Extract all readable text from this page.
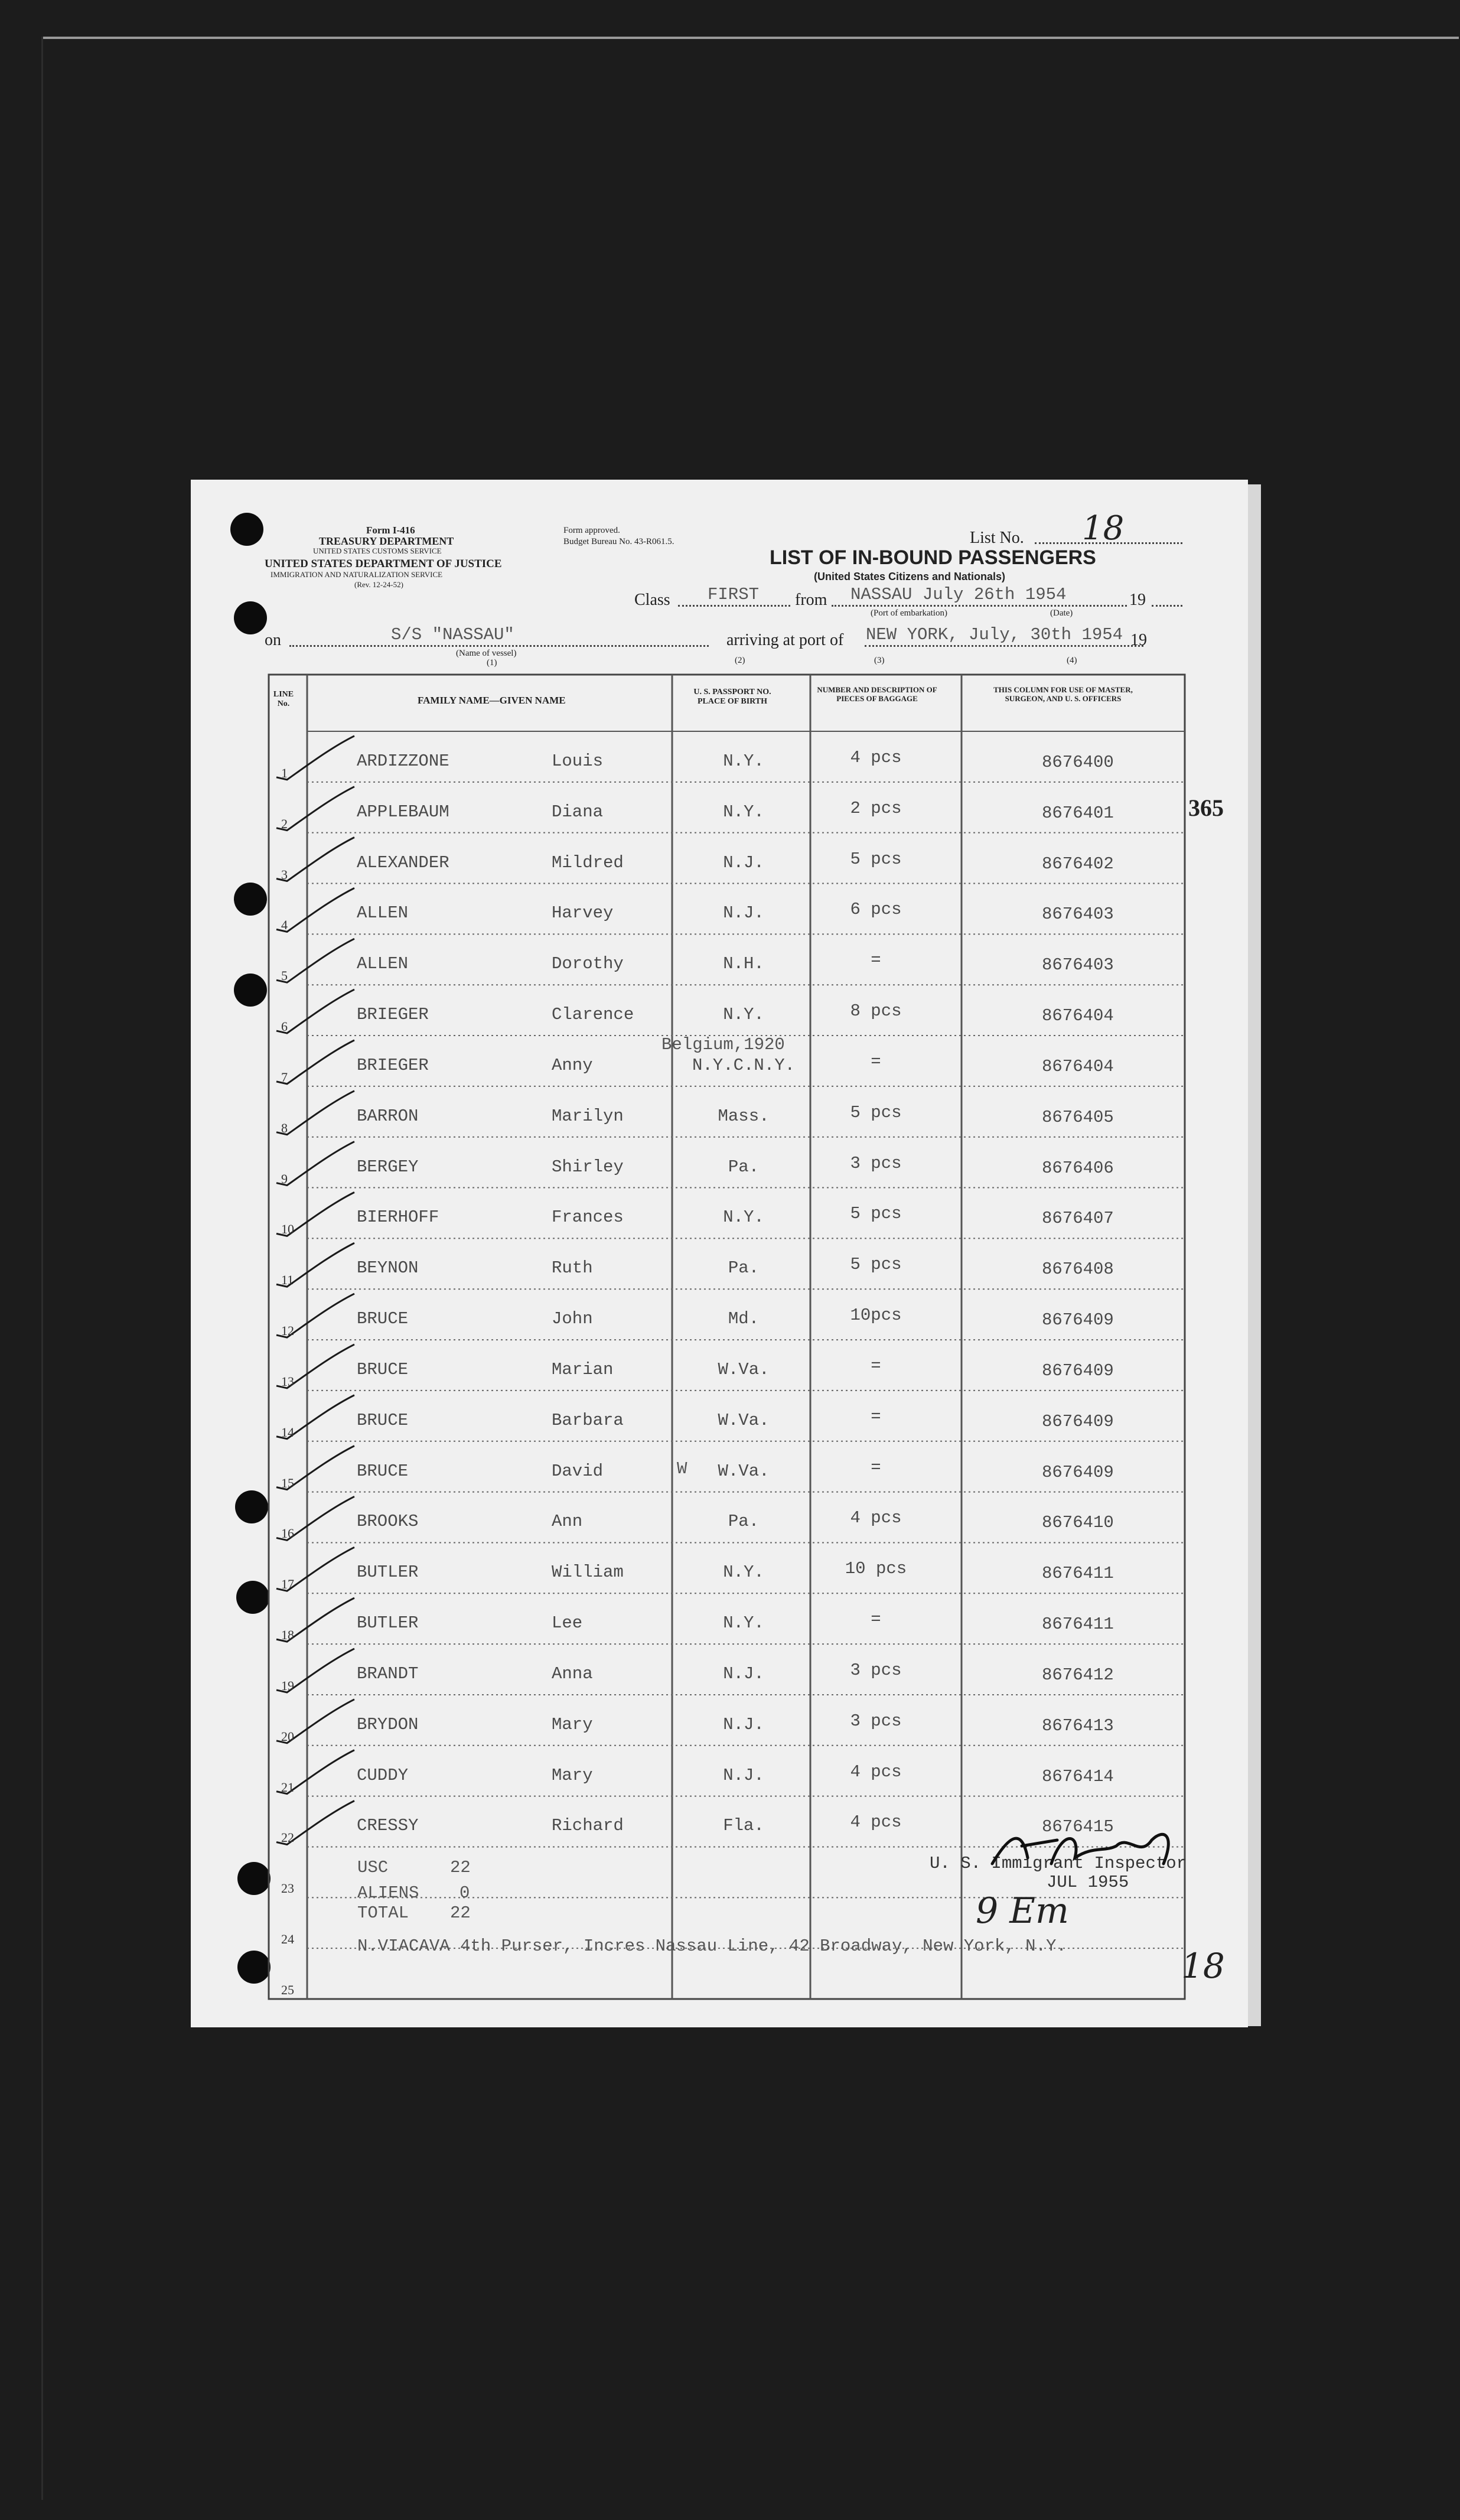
Form I-416
TREASURY DEPARTMENT
UNITED STATES CUSTOMS SERVICE
UNITED STATES DEPARTMENT OF JUSTICE
IMMIGRATION AND NATURALIZATION SERVICE
(Rev. 12-24-52)
Form approved.
Budget Bureau No. 43-R061.5.
LIST OF IN-BOUND PASSENGERS
(United States Citizens and Nationals)
List No. 18
Class FIRST from NASSAU July 26th 1954	19
(Port of embarkation)	(Date)
on	S/S "NASSAU"
(Name of vessel)
(1)
arriving at port of NEW YORK, July, 30th 1954 19
(2)	(3)	(4)
365
LINE No.	FAMILY NAME—GIVEN NAME
U. S. PASSPORT NO. PLACE OF BIRTH
NUMBER AND DESCRIPTION OF PIECES OF BAGGAGE
THIS COLUMN FOR USE OF MASTER, SURGEON, AND U. S. OFFICERS
1
ARDIZZONE	Louis	N.Y.	4 pcs	8676400
2
APPLEBAUM	Diana	N.Y.	2 pcs	8676401
3
ALEXANDER	Mildred	N.J.	5 pcs	8676402
4
ALLEN	Harvey	N.J.	6 pcs	8676403
5
ALLEN	Dorothy	N.H.	=	8676403
6
BRIEGER	Clarence	N.Y.	8 pcs	8676404
7
BRIEGER	Anny	N.Y.C.N.Y.	=	8676404
8
BARRON	Marilyn	Mass.	5 pcs	8676405
9
BERGEY	Shirley	Pa.	3 pcs	8676406
10
BIERHOFF	Frances	N.Y.	5 pcs	8676407
11
BEYNON	Ruth	Pa.	5 pcs	8676408
12
BRUCE	John	Md.	10pcs	8676409
13
BRUCE	Marian	W.Va.	=	8676409
14
BRUCE	Barbara	W.Va.	=	8676409
15
BRUCE	David	W.Va.	=	8676409
16
BROOKS	Ann	Pa.	4 pcs	8676410
17
BUTLER	William	N.Y.	10 pcs	8676411
18
BUTLER	Lee	N.Y.	=	8676411
19
BRANDT	Anna	N.J.	3 pcs	8676412
20
BRYDON	Mary	N.J.	3 pcs	8676413
21
CUDDY	Mary	N.J.	4 pcs	8676414
22
CRESSY	Richard	Fla.	4 pcs	8676415
23
24
25
Belgium,1920
W
USC	22
ALIENS 0
TOTAL 22
N.VIACAVA 4th Purser, Incres Nassau Line, 42 Broadway, New York, N.Y.
U. S. Immigrant Inspector
JUL 1955
9 Em
18
